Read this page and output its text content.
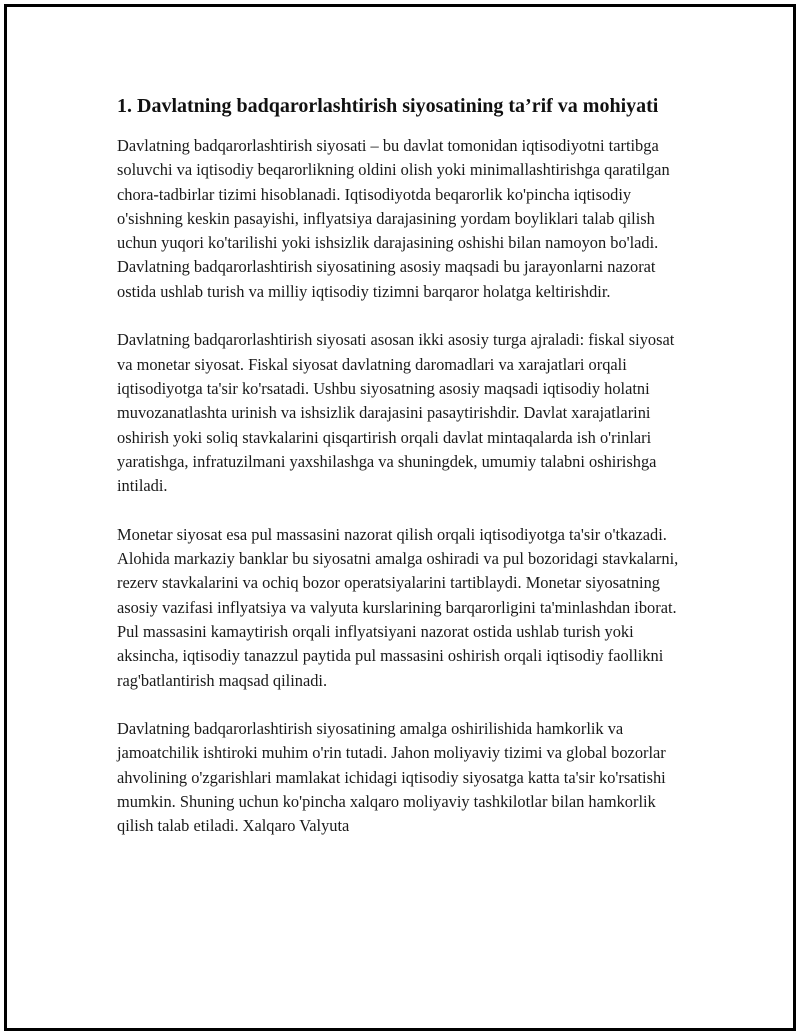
1. Davlatning badqarorlashtirish siyosatining ta’rif va mohiyati

Davlatning badqarorlashtirish siyosati – bu davlat tomonidan iqtisodiyotni tartibga soluvchi va iqtisodiy beqarorlikning oldini olish yoki minimallashtirishga qaratilgan chora-tadbirlar tizimi hisoblanadi. Iqtisodiyotda beqarorlik ko'pincha iqtisodiy o'sishning keskin pasayishi, inflyatsiya darajasining yordam boyliklari talab qilish uchun yuqori ko'tarilishi yoki ishsizlik darajasining oshishi bilan namoyon bo'ladi. Davlatning badqarorlashtirish siyosatining asosiy maqsadi bu jarayonlarni nazorat ostida ushlab turish va milliy iqtisodiy tizimni barqaror holatga keltirishdir.

Davlatning badqarorlashtirish siyosati asosan ikki asosiy turga ajraladi: fiskal siyosat va monetar siyosat. Fiskal siyosat davlatning daromadlari va xarajatlari orqali iqtisodiyotga ta'sir ko'rsatadi. Ushbu siyosatning asosiy maqsadi iqtisodiy holatni muvozanatlashta urinish va ishsizlik darajasini pasaytirishdir. Davlat xarajatlarini oshirish yoki soliq stavkalarini qisqartirish orqali davlat mintaqalarda ish o'rinlari yaratishga, infratuzilmani yaxshilashga va shuningdek, umumiy talabni oshirishga intiladi.

Monetar siyosat esa pul massasini nazorat qilish orqali iqtisodiyotga ta'sir o'tkazadi. Alohida markaziy banklar bu siyosatni amalga oshiradi va pul bozoridagi stavkalarni, rezerv stavkalarini va ochiq bozor operatsiyalarini tartiblaydi. Monetar siyosatning asosiy vazifasi inflyatsiya va valyuta kurslarining barqarorligini ta'minlashdan iborat. Pul massasini kamaytirish orqali inflyatsiyani nazorat ostida ushlab turish yoki aksincha, iqtisodiy tanazzul paytida pul massasini oshirish orqali iqtisodiy faollikni rag'batlantirish maqsad qilinadi.

Davlatning badqarorlashtirish siyosatining amalga oshirilishida hamkorlik va jamoatchilik ishtiroki muhim o'rin tutadi. Jahon moliyaviy tizimi va global bozorlar ahvolining o'zgarishlari mamlakat ichidagi iqtisodiy siyosatga katta ta'sir ko'rsatishi mumkin. Shuning uchun ko'pincha xalqaro moliyaviy tashkilotlar bilan hamkorlik qilish talab etiladi. Xalqaro Valyuta
